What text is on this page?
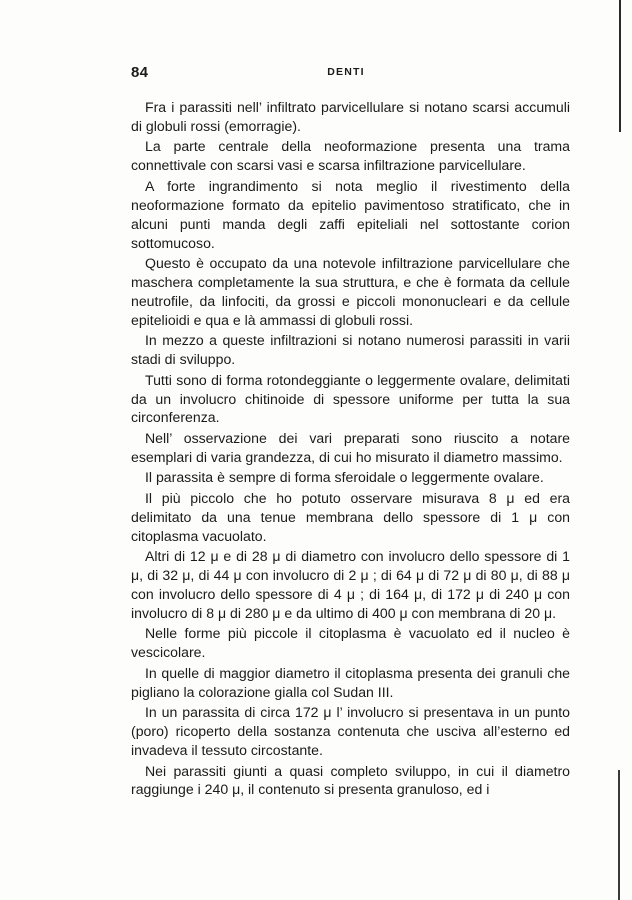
84	DENTI

Fra i parassiti nell’ infiltrato parvicellulare si notano scarsi accumuli di globuli rossi (emorragie).

La parte centrale della neoformazione presenta una trama connettivale con scarsi vasi e scarsa infiltrazione parvicellulare.

A forte ingrandimento si nota meglio il rivestimento della neoformazione formato da epitelio pavimentoso stratificato, che in alcuni punti manda degli zaffi epiteliali nel sottostante corion sottomucoso.

Questo è occupato da una notevole infiltrazione parvicellulare che maschera completamente la sua struttura, e che è formata da cellule neutrofile, da linfociti, da grossi e piccoli mononucleari e da cellule epitelioidi e qua e là ammassi di globuli rossi.

In mezzo a queste infiltrazioni si notano numerosi parassiti in varii stadi di sviluppo.

Tutti sono di forma rotondeggiante o leggermente ovalare, delimitati da un involucro chitinoide di spessore uniforme per tutta la sua circonferenza.

Nell’ osservazione dei vari preparati sono riuscito a notare esemplari di varia grandezza, di cui ho misurato il diametro massimo.

Il parassita è sempre di forma sferoidale o leggermente ovalare.

Il più piccolo che ho potuto osservare misurava 8 μ ed era delimitato da una tenue membrana dello spessore di 1 μ con citoplasma vacuolato.

Altri di 12 μ e di 28 μ di diametro con involucro dello spessore di 1 μ, di 32 μ, di 44 μ con involucro di 2 μ ; di 64 μ di 72 μ di 80 μ, di 88 μ con involucro dello spessore di 4 μ ; di 164 μ, di 172 μ di 240 μ con involucro di 8 μ di 280 μ e da ultimo di 400 μ con membrana di 20 μ.

Nelle forme più piccole il citoplasma è vacuolato ed il nucleo è vescicolare.

In quelle di maggior diametro il citoplasma presenta dei granuli che pigliano la colorazione gialla col Sudan III.

In un parassita di circa 172 μ l’ involucro si presentava in un punto (poro) ricoperto della sostanza contenuta che usciva all’esterno ed invadeva il tessuto circostante.

Nei parassiti giunti a quasi completo sviluppo, in cui il diametro raggiunge i 240 μ, il contenuto si presenta granuloso, ed i
